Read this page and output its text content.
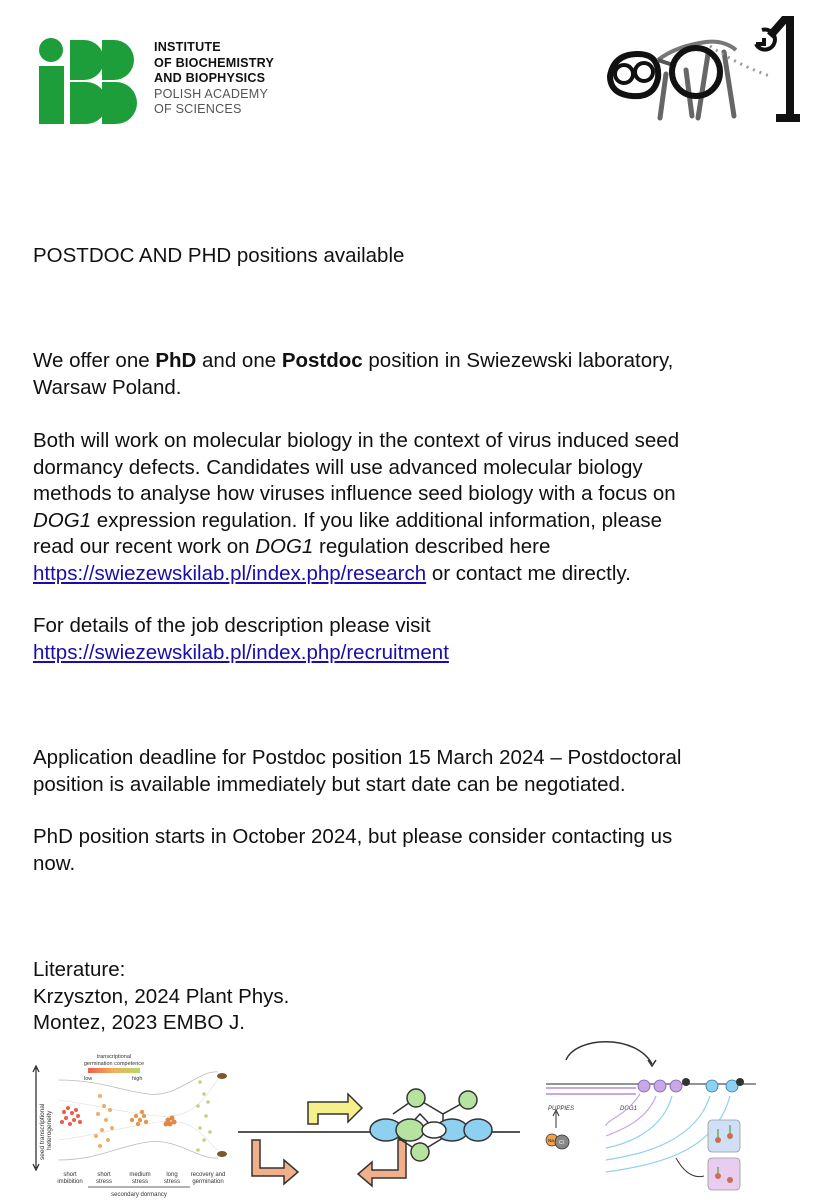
INSTITUTE
OF BIOCHEMISTRY
AND BIOPHYSICS
POLISH ACADEMY
OF SCIENCES
POSTDOC AND PHD positions available
We offer one PhD and one Postdoc position in Swiezewski laboratory,
Warsaw Poland.
Both will work on molecular biology in the context of virus induced seed
dormancy defects. Candidates will use advanced molecular biology
methods to analyse how viruses influence seed biology with a focus on
DOG1 expression regulation. If you like additional information, please
read our recent work on DOG1 regulation described here
https://swiezewskilab.pl/index.php/research or contact me directly.
For details of the job description please visit
https://swiezewskilab.pl/index.php/recruitment
Application deadline for Postdoc position 15 March 2024 – Postdoctoral
position is available immediately but start date can be negotiated.
PhD position starts in October 2024, but please consider contacting us
now.
Literature:
Krzyszton, 2024 Plant Phys.
Montez, 2023 EMBO J.
seed transcriptional heterogeneity
transcriptional
germination competence
low	high
short
imbibition
short
stress
medium
stress
long
stress
recovery and
germination
secondary dormancy
PUPPIES	DOG1
Na Cl
